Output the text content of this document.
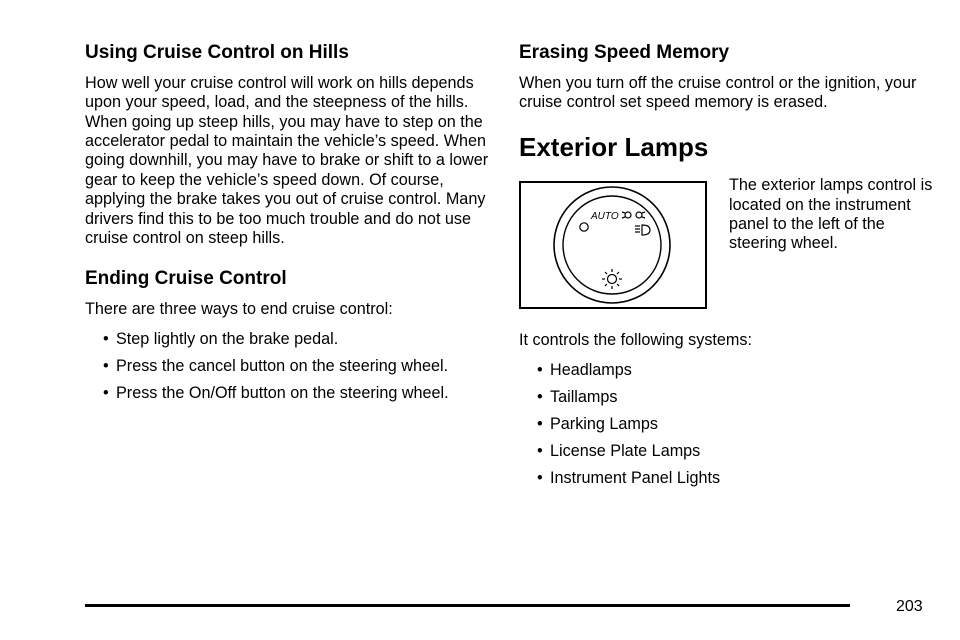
Using Cruise Control on Hills

How well your cruise control will work on hills depends upon your speed, load, and the steepness of the hills. When going up steep hills, you may have to step on the accelerator pedal to maintain the vehicle’s speed. When going downhill, you may have to brake or shift to a lower gear to keep the vehicle’s speed down. Of course, applying the brake takes you out of cruise control. Many drivers find this to be too much trouble and do not use cruise control on steep hills.

Ending Cruise Control

There are three ways to end cruise control:

• Step lightly on the brake pedal.
• Press the cancel button on the steering wheel.
• Press the On/Off button on the steering wheel.
Erasing Speed Memory

When you turn off the cruise control or the ignition, your cruise control set speed memory is erased.

Exterior Lamps
AUTO

The exterior lamps control is located on the instrument panel to the left of the steering wheel.

It controls the following systems:

• Headlamps
• Taillamps
• Parking Lamps
• License Plate Lamps
• Instrument Panel Lights
203
